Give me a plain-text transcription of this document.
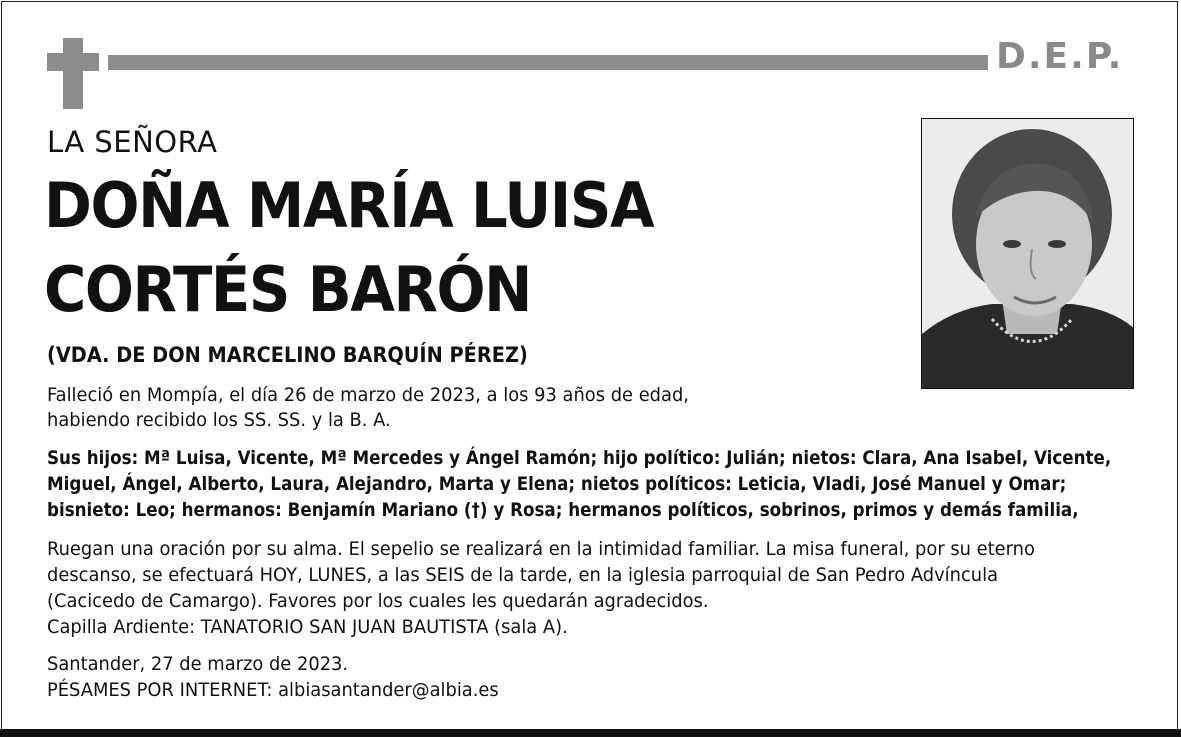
D.E.P.
LA SEÑORA
DOÑA MARÍA LUISA
CORTÉS BARÓN
(VDA. DE DON MARCELINO BARQUÍN PÉREZ)
Falleció en Mompía, el día 26 de marzo de 2023, a los 93 años de edad,
habiendo recibido los SS. SS. y la B. A.
Sus hijos: Mª Luisa, Vicente, Mª Mercedes y Ángel Ramón; hijo político: Julián; nietos: Clara, Ana Isabel, Vicente,
Miguel, Ángel, Alberto, Laura, Alejandro, Marta y Elena; nietos políticos: Leticia, Vladi, José Manuel y Omar;
bisnieto: Leo; hermanos: Benjamín Mariano (†) y Rosa; hermanos políticos, sobrinos, primos y demás familia,
Ruegan una oración por su alma. El sepelio se realizará en la intimidad familiar. La misa funeral, por su eterno
descanso, se efectuará HOY, LUNES, a las SEIS de la tarde, en la iglesia parroquial de San Pedro Advíncula
(Cacicedo de Camargo). Favores por los cuales les quedarán agradecidos.
Capilla Ardiente: TANATORIO SAN JUAN BAUTISTA (sala A).
Santander, 27 de marzo de 2023.
PÉSAMES POR INTERNET: albiasantander@albia.es
